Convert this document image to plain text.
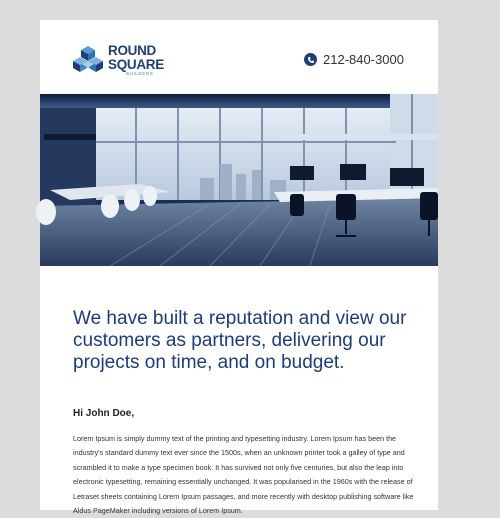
ROUND
SQUARE
BUILDERS
212-840-3000
We have built a reputation and view our customers as partners, delivering our projects on time, and on budget.
Hi John Doe,

Lorem Ipsum is simply dummy text of the printing and typesetting industry. Lorem Ipsum has been the industry's standard dummy text ever since the 1500s, when an unknown printer took a galley of type and scrambled it to make a type specimen book. It has survived not only five centuries, but also the leap into electronic typesetting, remaining essentially unchanged. It was popularised in the 1960s with the release of Letraset sheets containing Lorem Ipsum passages, and more recently with desktop publishing software like Aldus PageMaker including versions of Lorem Ipsum.
